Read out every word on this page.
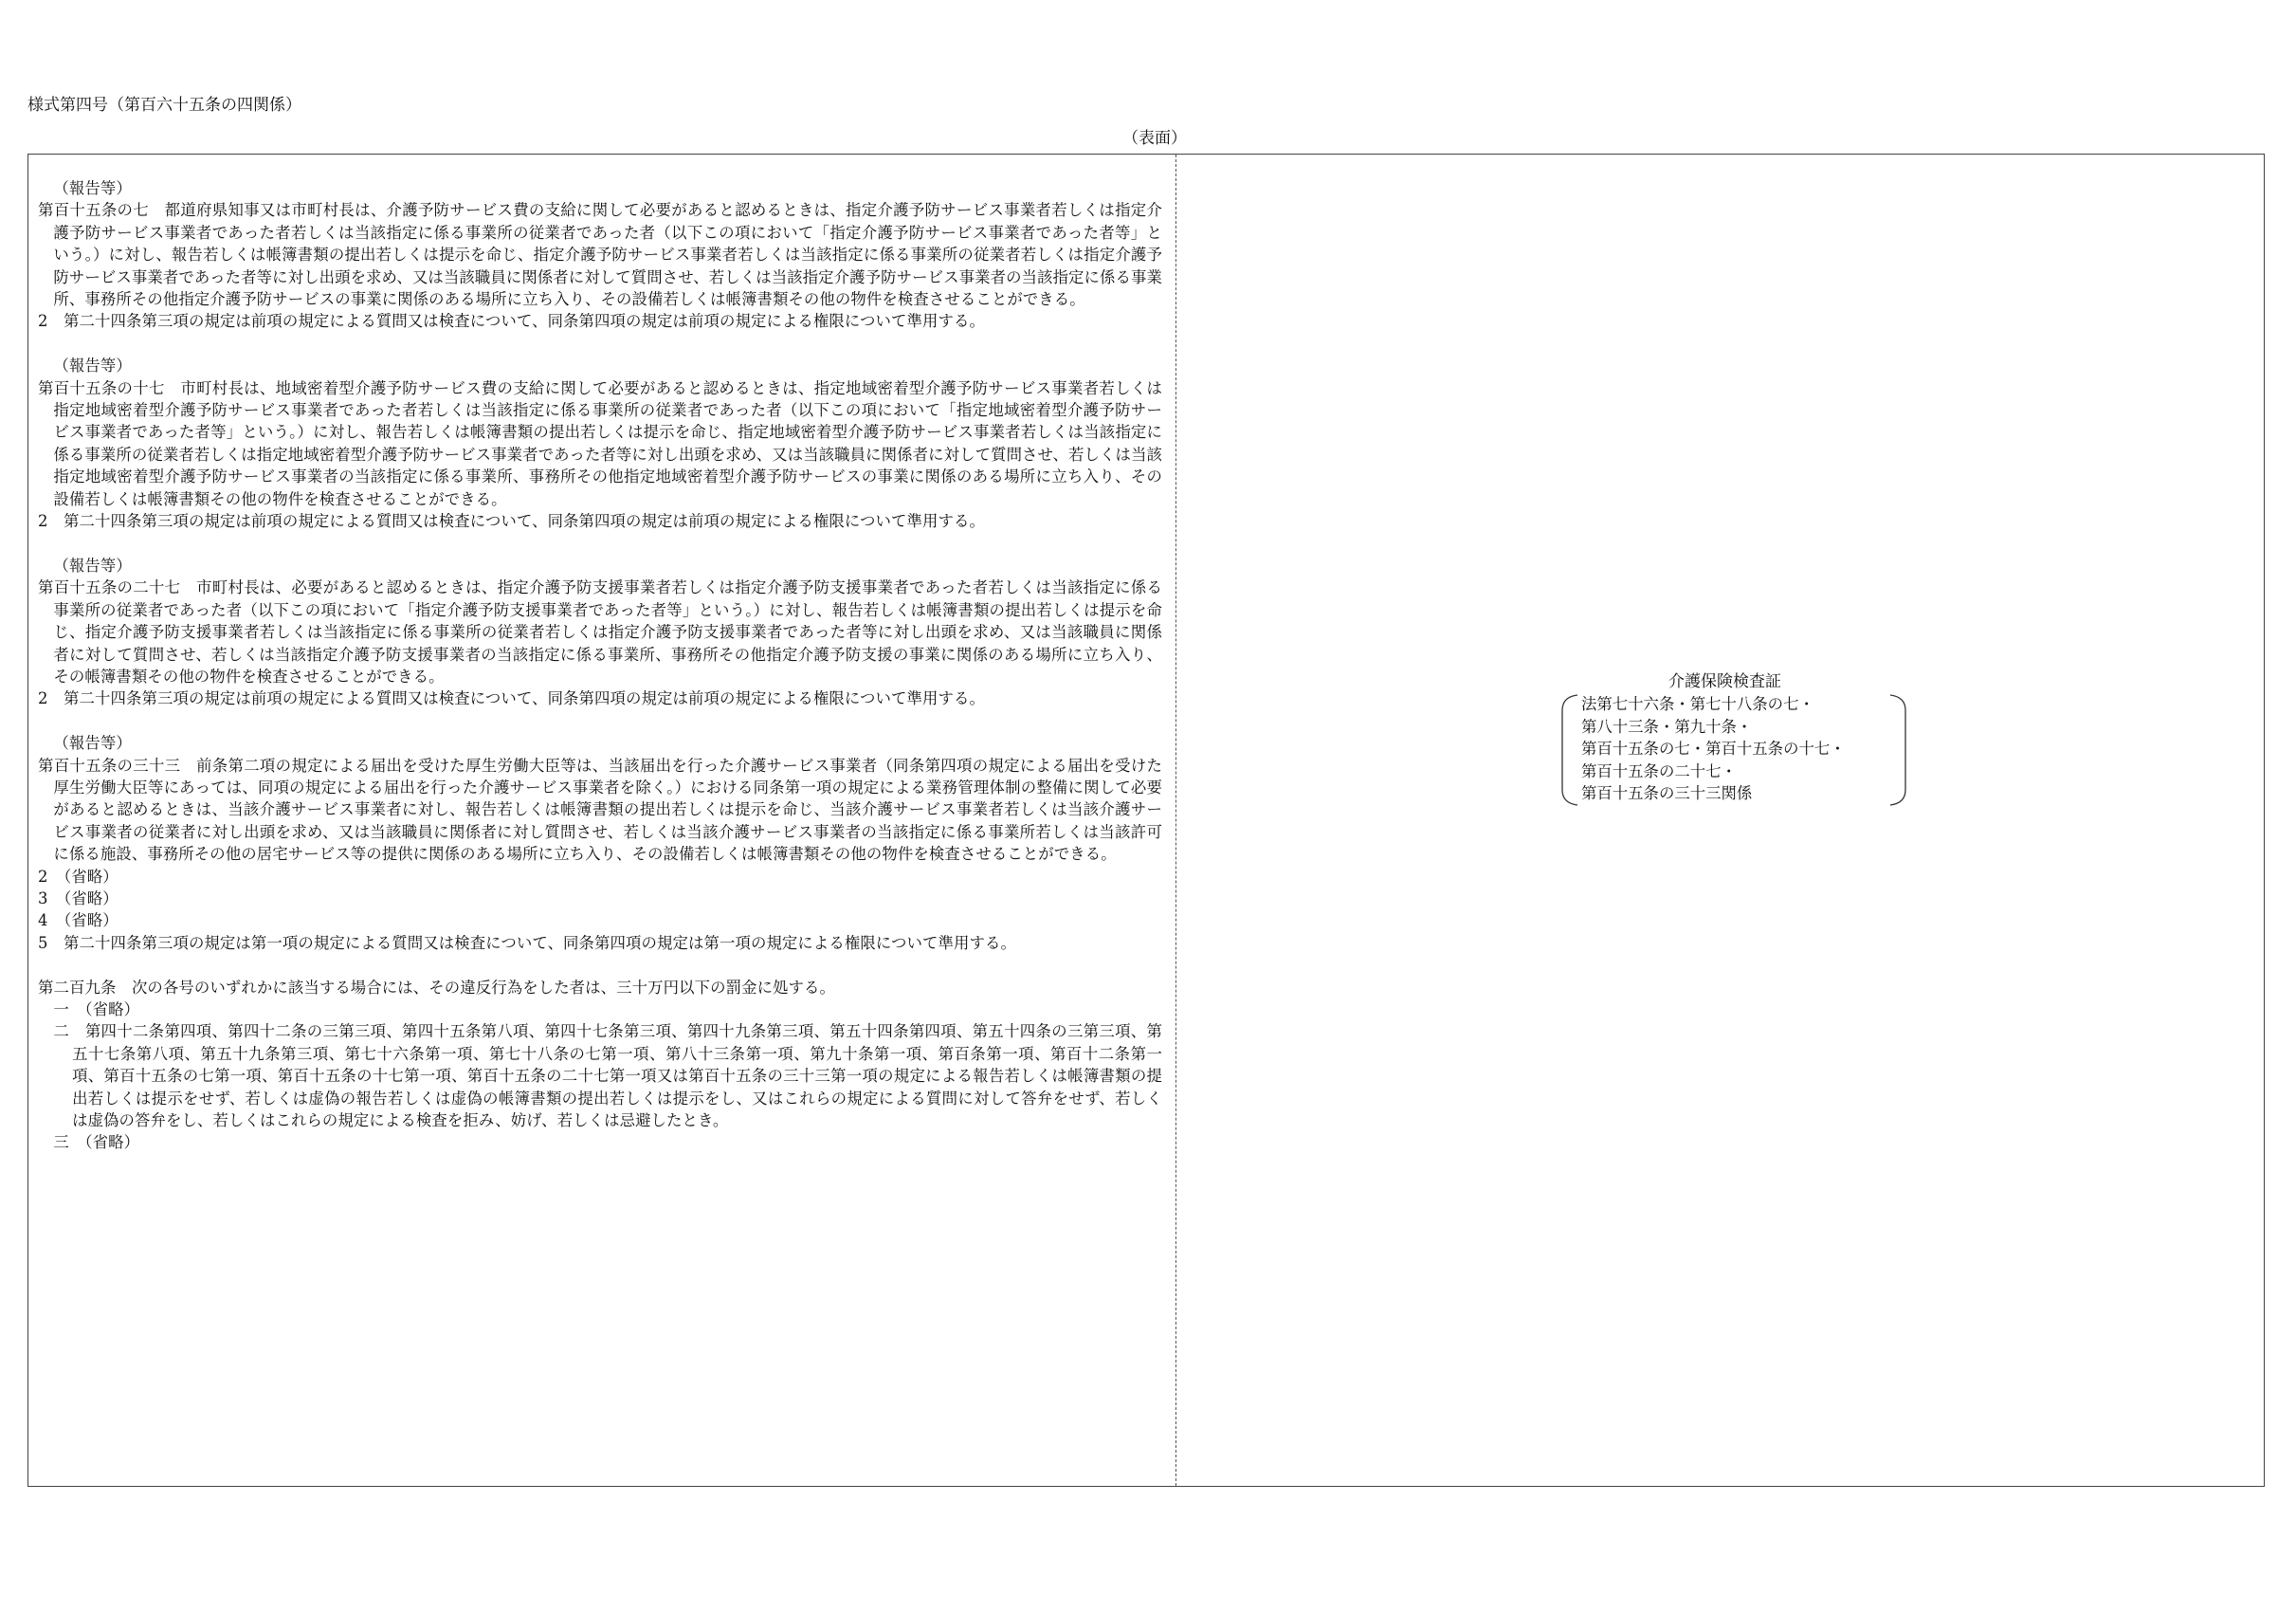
様式第四号（第百六十五条の四関係）
（表面）

（報告等）

第百十五条の七　都道府県知事又は市町村長は、介護予防サービス費の支給に関して必要があると認めるときは、指定介護予防サービス事業者若しくは指定介護予防サービス事業者であった者若しくは当該指定に係る事業所の従業者であった者（以下この項において「指定介護予防サービス事業者であった者等」という。）に対し、報告若しくは帳簿書類の提出若しくは提示を命じ、指定介護予防サービス事業者若しくは当該指定に係る事業所の従業者若しくは指定介護予防サービス事業者であった者等に対し出頭を求め、又は当該職員に関係者に対して質問させ、若しくは当該指定介護予防サービス事業者の当該指定に係る事業所、事務所その他指定介護予防サービスの事業に関係のある場所に立ち入り、その設備若しくは帳簿書類その他の物件を検査させることができる。

2　第二十四条第三項の規定は前項の規定による質問又は検査について、同条第四項の規定は前項の規定による権限について準用する。

（報告等）

第百十五条の十七　市町村長は、地域密着型介護予防サービス費の支給に関して必要があると認めるときは、指定地域密着型介護予防サービス事業者若しくは指定地域密着型介護予防サービス事業者であった者若しくは当該指定に係る事業所の従業者であった者（以下この項において「指定地域密着型介護予防サービス事業者であった者等」という。）に対し、報告若しくは帳簿書類の提出若しくは提示を命じ、指定地域密着型介護予防サービス事業者若しくは当該指定に係る事業所の従業者若しくは指定地域密着型介護予防サービス事業者であった者等に対し出頭を求め、又は当該職員に関係者に対して質問させ、若しくは当該指定地域密着型介護予防サービス事業者の当該指定に係る事業所、事務所その他指定地域密着型介護予防サービスの事業に関係のある場所に立ち入り、その設備若しくは帳簿書類その他の物件を検査させることができる。

2　第二十四条第三項の規定は前項の規定による質問又は検査について、同条第四項の規定は前項の規定による権限について準用する。

（報告等）

第百十五条の二十七　市町村長は、必要があると認めるときは、指定介護予防支援事業者若しくは指定介護予防支援事業者であった者若しくは当該指定に係る事業所の従業者であった者（以下この項において「指定介護予防支援事業者であった者等」という。）に対し、報告若しくは帳簿書類の提出若しくは提示を命じ、指定介護予防支援事業者若しくは当該指定に係る事業所の従業者若しくは指定介護予防支援事業者であった者等に対し出頭を求め、又は当該職員に関係者に対して質問させ、若しくは当該指定介護予防支援事業者の当該指定に係る事業所、事務所その他指定介護予防支援の事業に関係のある場所に立ち入り、その帳簿書類その他の物件を検査させることができる。

2　第二十四条第三項の規定は前項の規定による質問又は検査について、同条第四項の規定は前項の規定による権限について準用する。

（報告等）

第百十五条の三十三　前条第二項の規定による届出を受けた厚生労働大臣等は、当該届出を行った介護サービス事業者（同条第四項の規定による届出を受けた厚生労働大臣等にあっては、同項の規定による届出を行った介護サービス事業者を除く。）における同条第一項の規定による業務管理体制の整備に関して必要があると認めるときは、当該介護サービス事業者に対し、報告若しくは帳簿書類の提出若しくは提示を命じ、当該介護サービス事業者若しくは当該介護サービス事業者の従業者に対し出頭を求め、又は当該職員に関係者に対し質問させ、若しくは当該介護サービス事業者の当該指定に係る事業所若しくは当該許可に係る施設、事務所その他の居宅サービス等の提供に関係のある場所に立ち入り、その設備若しくは帳簿書類その他の物件を検査させることができる。

2　（省略）

3　（省略）

4　（省略）

5　第二十四条第三項の規定は第一項の規定による質問又は検査について、同条第四項の規定は第一項の規定による権限について準用する。

第二百九条　次の各号のいずれかに該当する場合には、その違反行為をした者は、三十万円以下の罰金に処する。

一　（省略）

二　第四十二条第四項、第四十二条の三第三項、第四十五条第八項、第四十七条第三項、第四十九条第三項、第五十四条第四項、第五十四条の三第三項、第五十七条第八項、第五十九条第三項、第七十六条第一項、第七十八条の七第一項、第八十三条第一項、第九十条第一項、第百条第一項、第百十二条第一項、第百十五条の七第一項、第百十五条の十七第一項、第百十五条の二十七第一項又は第百十五条の三十三第一項の規定による報告若しくは帳簿書類の提出若しくは提示をせず、若しくは虚偽の報告若しくは虚偽の帳簿書類の提出若しくは提示をし、又はこれらの規定による質問に対して答弁をせず、若しくは虚偽の答弁をし、若しくはこれらの規定による検査を拒み、妨げ、若しくは忌避したとき。

三　（省略）

介護保険検査証
法第七十六条・第七十八条の七・
第八十三条・第九十条・
第百十五条の七・第百十五条の十七・
第百十五条の二十七・
第百十五条の三十三関係
